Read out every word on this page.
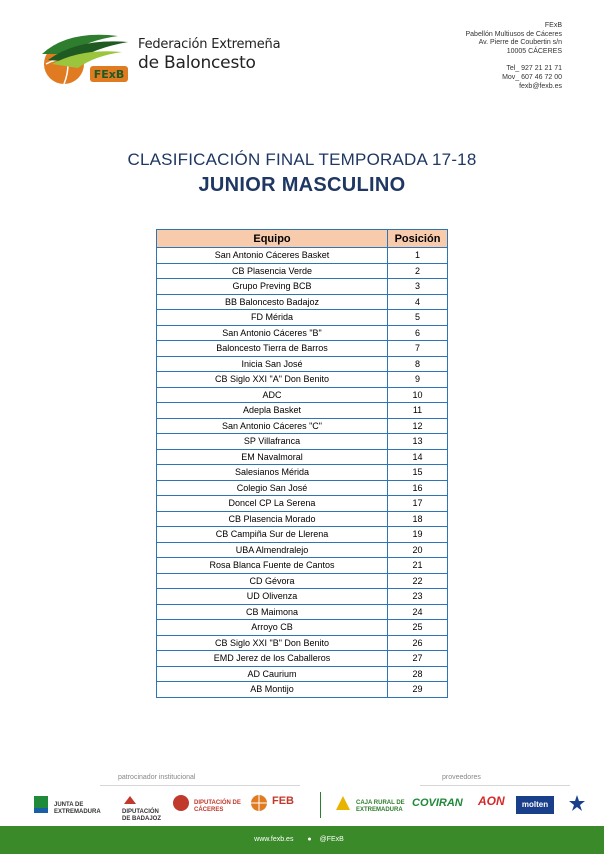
FExB
Federación Extremeña
de Baloncesto
FExB
Pabellón Multiusos de Cáceres
Av. Pierre de Coubertin s/n
10005 CÁCERES
Tel_ 927 21 21 71
Mov_ 607 46 72 00
fexb@fexb.es
CLASIFICACIÓN FINAL TEMPORADA 17-18
JUNIOR MASCULINO
Equipo	Posición
San Antonio Cáceres Basket	1
CB Plasencia Verde	2
Grupo Preving BCB	3
BB Baloncesto Badajoz	4
FD Mérida	5
San Antonio Cáceres "B"	6
Baloncesto Tierra de Barros	7
Inicia San José	8
CB Siglo XXI "A" Don Benito	9
ADC	10
Adepla Basket	11
San Antonio Cáceres "C"	12
SP Villafranca	13
EM Navalmoral	14
Salesianos Mérida	15
Colegio San José	16
Doncel CP La Serena	17
CB Plasencia Morado	18
CB Campiña Sur de Llerena	19
UBA Almendralejo	20
Rosa Blanca Fuente de Cantos	21
CD Gévora	22
UD Olivenza	23
CB Maimona	24
Arroyo CB	25
CB Siglo XXI "B" Don Benito	26
EMD Jerez de los Caballeros	27
AD Caurium	28
AB Montijo	29
patrocinador institucional	proveedores
JUNTA DE EXTREMADURA	DIPUTACIÓN DE BADAJOZ
DIPUTACIÓN DE CÁCERES
FEB	CAJA RURAL DE EXTREMADURA
COVIRAN AON	molten
www.fexb.es ● @FExB
